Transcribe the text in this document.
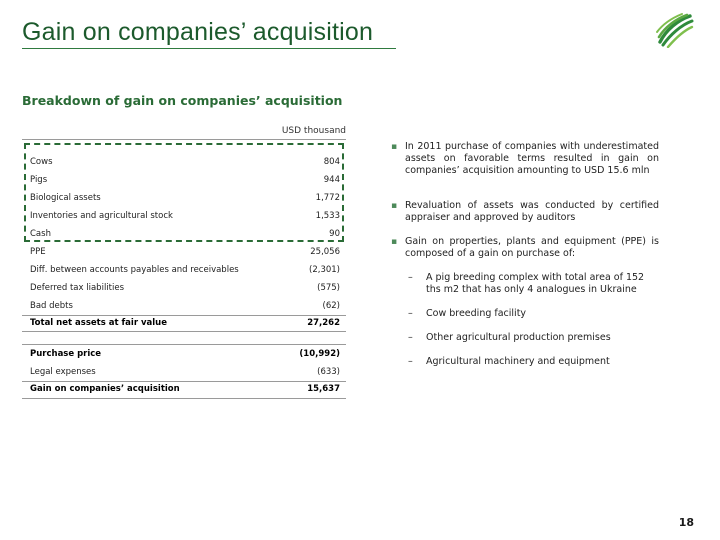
Gain on companies’ acquisition
Breakdown of gain on companies’ acquisition
USD thousand
Cows	804
Pigs	944
Biological assets	1,772
Inventories and agricultural stock	1,533
Cash	90
PPE	25,056
Diff. between accounts payables and receivables	(2,301)
Deferred tax liabilities	(575)
Bad debts	(62)
Total net assets at fair value	27,262
Purchase price	(10,992)
Legal expenses	(633)
Gain on companies’ acquisition	15,637
▪ In 2011 purchase of companies with underestimated assets on favorable terms resulted in gain on companies’ acquisition amounting to USD 15.6 mln
▪ Revaluation of assets was conducted by certified appraiser and approved by auditors
▪ Gain on properties, plants and equipment (PPE) is composed of a gain on purchase of:
– A pig breeding complex with total area of 152 ths m2 that has only 4 analogues in Ukraine
– Cow breeding facility
– Other agricultural production premises
– Agricultural machinery and equipment
18
